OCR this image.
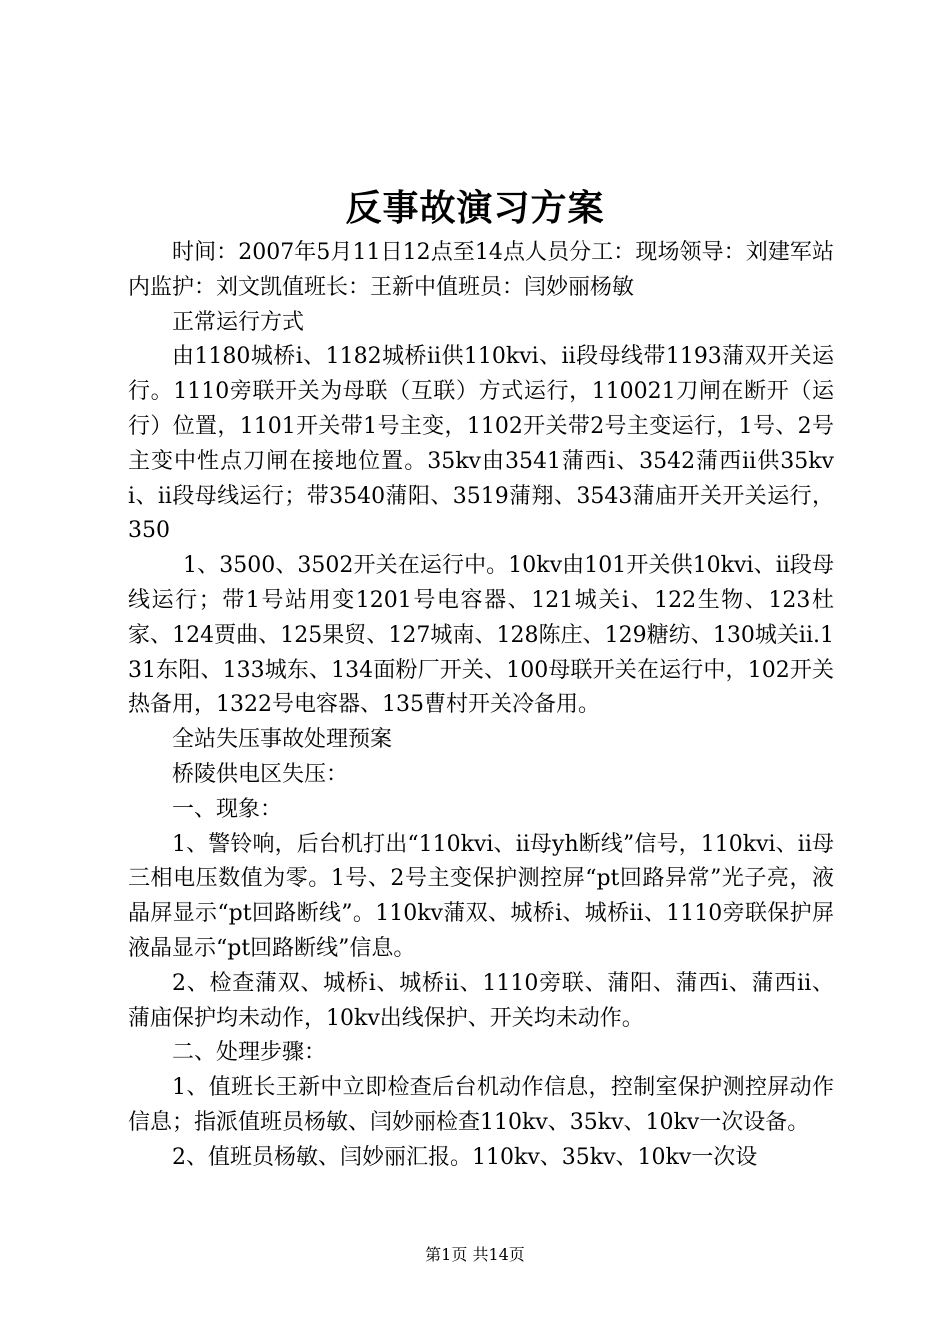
反事故演习方案

时间：2007年5月11日12点至14点人员分工：现场领导：刘建军站内监护：刘文凯值班长：王新中值班员：闫妙丽杨敏

正常运行方式

由1180城桥i、1182城桥ii供110kvi、ii段母线带1193蒲双开关运行。1110旁联开关为母联（互联）方式运行，110021刀闸在断开（运行）位置，1101开关带1号主变，1102开关带2号主变运行，1号、2号主变中性点刀闸在接地位置。35kv由3541蒲西i、3542蒲西ii供35kvi、ii段母线运行；带3540蒲阳、3519蒲翔、3543蒲庙开关开关运行，350

1、3500、3502开关在运行中。10kv由101开关供10kvi、ii段母线运行；带1号站用变1201号电容器、121城关i、122生物、123杜家、124贾曲、125果贸、127城南、128陈庄、129糖纺、130城关ii.131东阳、133城东、134面粉厂开关、100母联开关在运行中，102开关热备用，1322号电容器、135曹村开关冷备用。

全站失压事故处理预案

桥陵供电区失压：

一、现象：

1、警铃响，后台机打出“110kvi、ii母yh断线”信号，110kvi、ii母三相电压数值为零。1号、2号主变保护测控屏“pt回路异常”光子亮，液晶屏显示“pt回路断线”。110kv蒲双、城桥i、城桥ii、1110旁联保护屏液晶显示“pt回路断线”信息。

2、检查蒲双、城桥i、城桥ii、1110旁联、蒲阳、蒲西i、蒲西ii、蒲庙保护均未动作，10kv出线保护、开关均未动作。

二、处理步骤：

1、值班长王新中立即检查后台机动作信息，控制室保护测控屏动作信息；指派值班员杨敏、闫妙丽检查110kv、35kv、10kv一次设备。

2、值班员杨敏、闫妙丽汇报。110kv、35kv、10kv一次设

第1页 共14页
